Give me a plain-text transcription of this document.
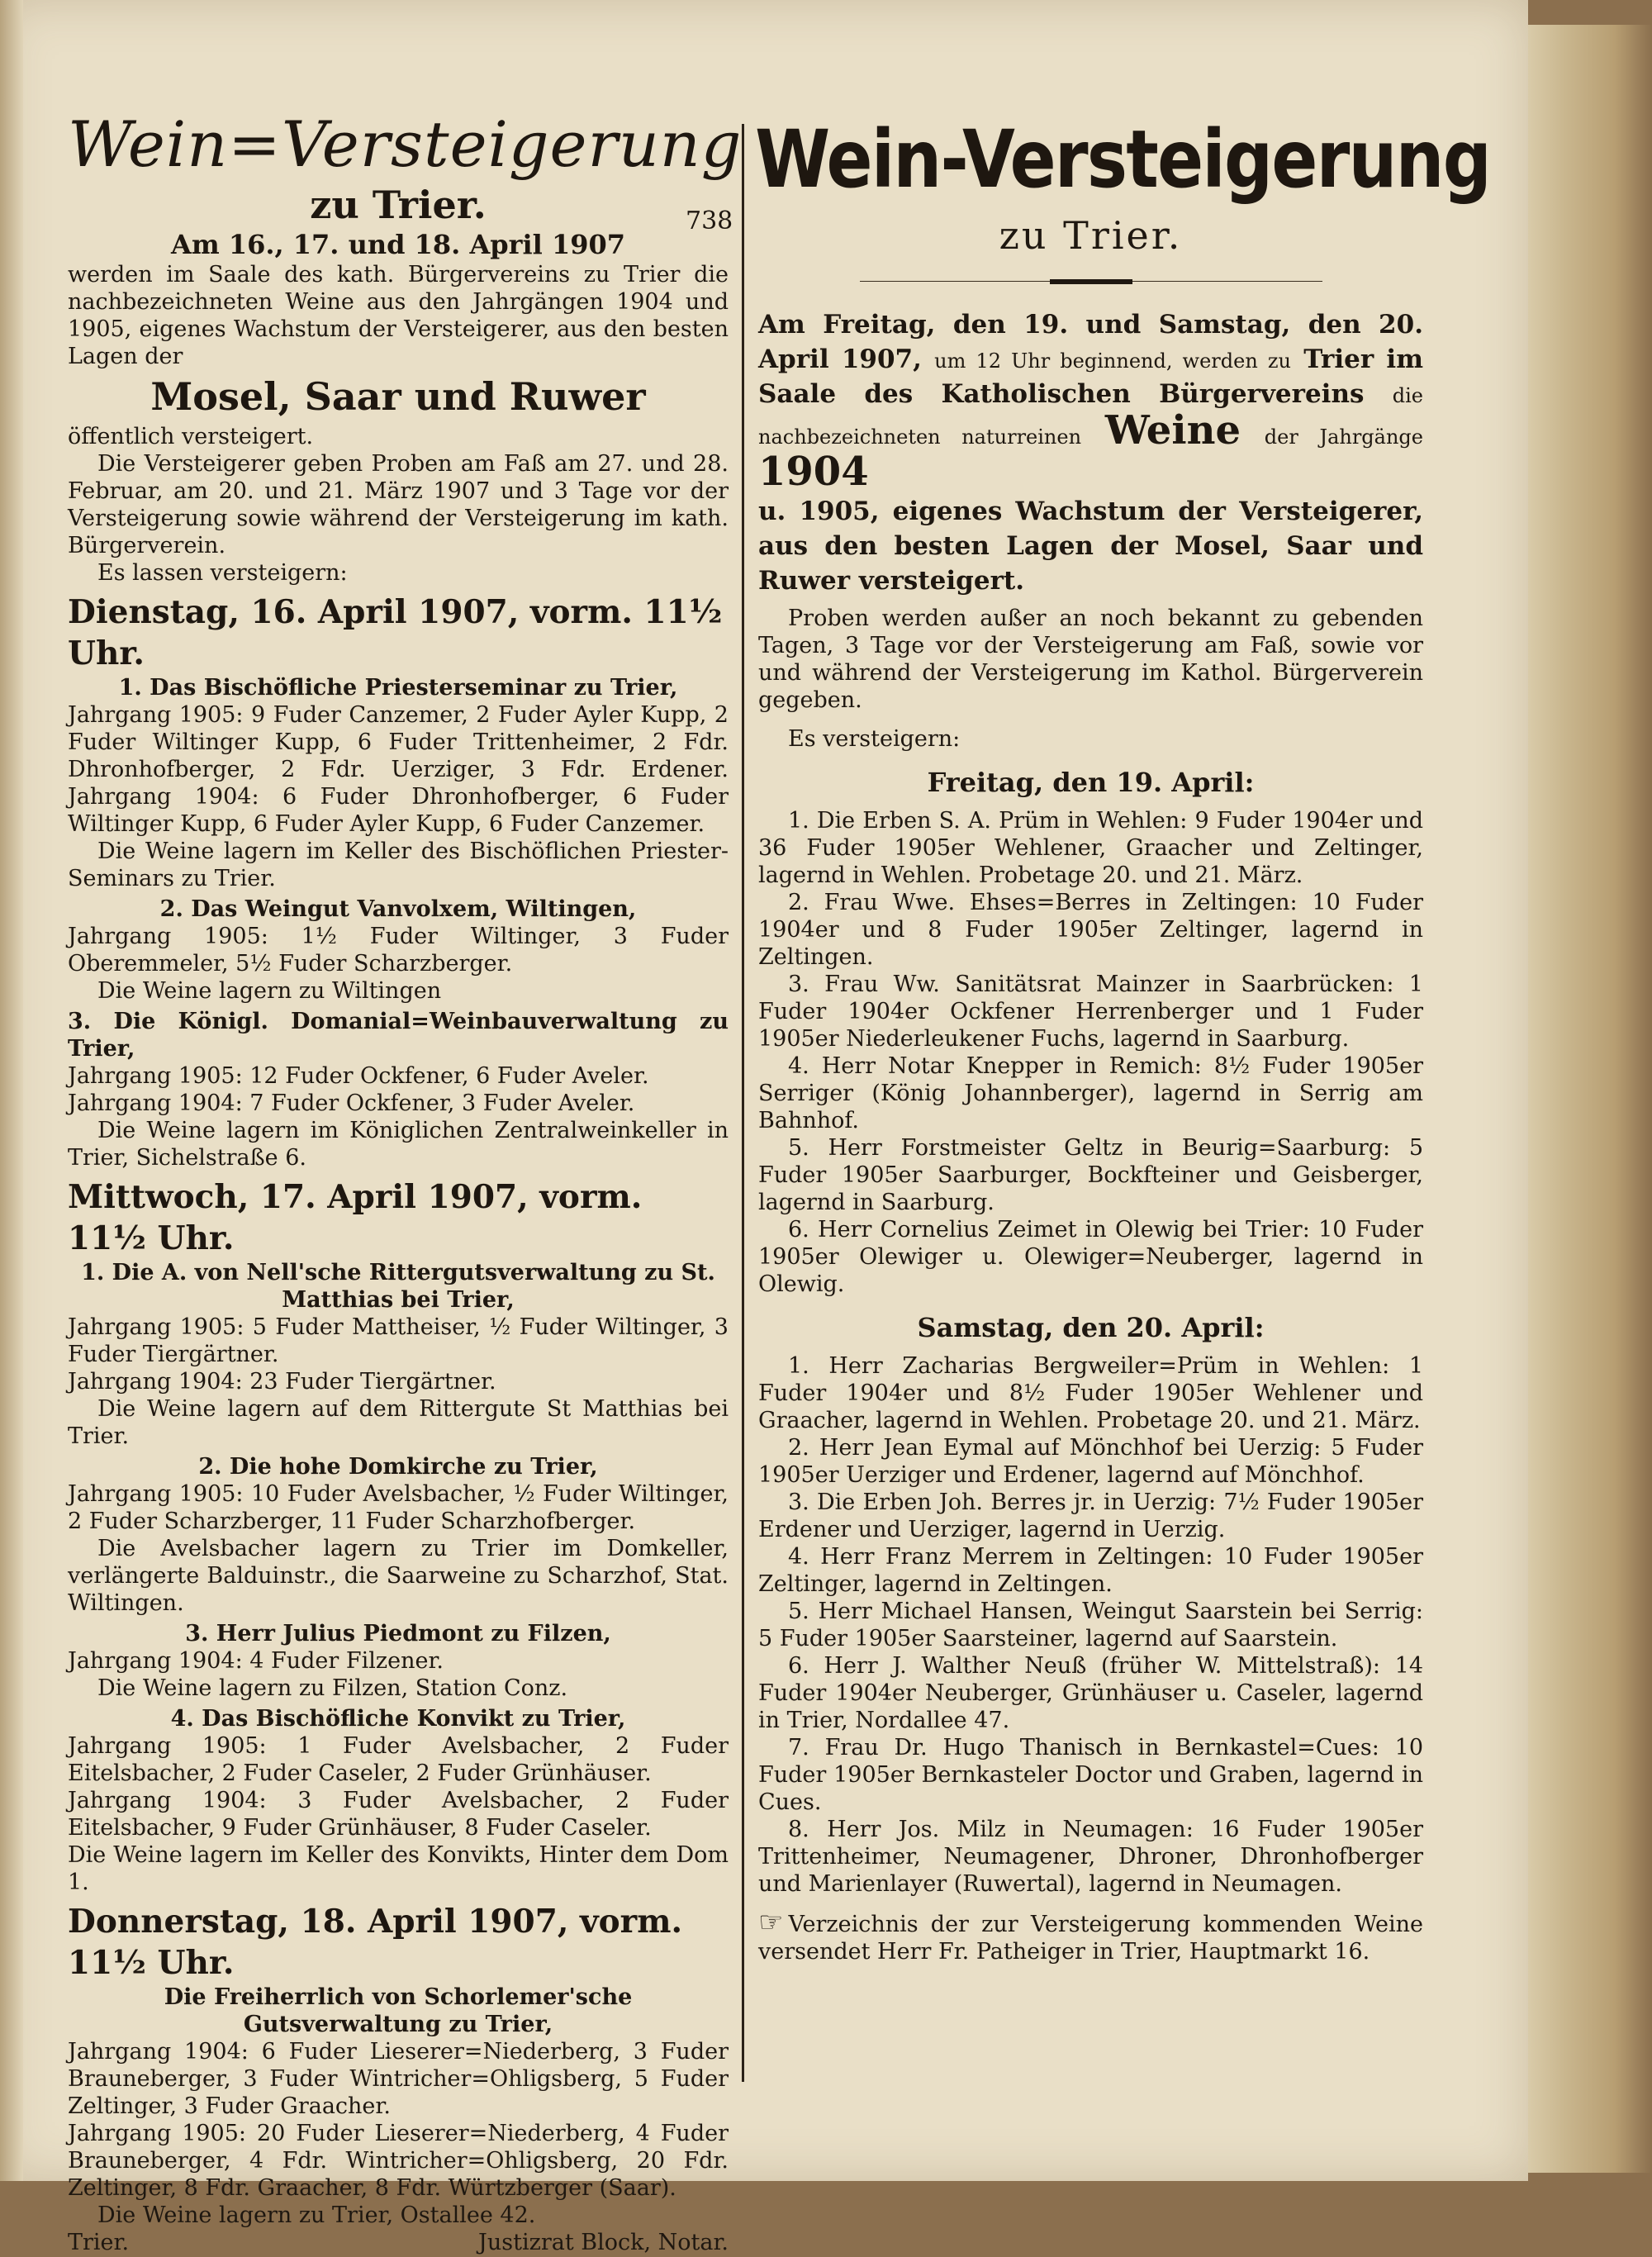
738

Wein=Versteigerung

zu Trier.

Am 16., 17. und 18. April 1907

werden im Saale des kath. Bürgervereins zu Trier die nachbezeichneten Weine aus den Jahrgängen 1904 und 1905, eigenes Wachstum der Versteigerer, aus den besten Lagen der

Mosel, Saar und Ruwer

öffentlich versteigert.

Die Versteigerer geben Proben am Faß am 27. und 28. Februar, am 20. und 21. März 1907 und 3 Tage vor der Versteigerung sowie während der Versteigerung im kath. Bürgerverein.

Es lassen versteigern:

Dienstag, 16. April 1907, vorm. 11½ Uhr.

1. Das Bischöfliche Priesterseminar zu Trier,

Jahrgang 1905: 9 Fuder Canzemer, 2 Fuder Ayler Kupp, 2 Fuder Wiltinger Kupp, 6 Fuder Trittenheimer, 2 Fdr. Dhronhofberger, 2 Fdr. Uerziger, 3 Fdr. Erdener. Jahrgang 1904: 6 Fuder Dhronhofberger, 6 Fuder Wiltinger Kupp, 6 Fuder Ayler Kupp, 6 Fuder Canzemer.

Die Weine lagern im Keller des Bischöflichen Priester-Seminars zu Trier.

2. Das Weingut Vanvolxem, Wiltingen,

Jahrgang 1905: 1½ Fuder Wiltinger, 3 Fuder Oberemmeler, 5½ Fuder Scharzberger.

Die Weine lagern zu Wiltingen

3. Die Königl. Domanial=Weinbauverwaltung zu Trier,

Jahrgang 1905: 12 Fuder Ockfener, 6 Fuder Aveler.

Jahrgang 1904: 7 Fuder Ockfener, 3 Fuder Aveler.

Die Weine lagern im Königlichen Zentralweinkeller in Trier, Sichelstraße 6.

Mittwoch, 17. April 1907, vorm. 11½ Uhr.

1. Die A. von Nell'sche Rittergutsverwaltung zu St. Matthias bei Trier,

Jahrgang 1905: 5 Fuder Mattheiser, ½ Fuder Wiltinger, 3 Fuder Tiergärtner.

Jahrgang 1904: 23 Fuder Tiergärtner.

Die Weine lagern auf dem Rittergute St Matthias bei Trier.

2. Die hohe Domkirche zu Trier,

Jahrgang 1905: 10 Fuder Avelsbacher, ½ Fuder Wiltinger, 2 Fuder Scharzberger, 11 Fuder Scharzhofberger.

Die Avelsbacher lagern zu Trier im Domkeller, verlängerte Balduinstr., die Saarweine zu Scharzhof, Stat. Wiltingen.

3. Herr Julius Piedmont zu Filzen,

Jahrgang 1904: 4 Fuder Filzener.

Die Weine lagern zu Filzen, Station Conz.

4. Das Bischöfliche Konvikt zu Trier,

Jahrgang 1905: 1 Fuder Avelsbacher, 2 Fuder Eitelsbacher, 2 Fuder Caseler, 2 Fuder Grünhäuser.

Jahrgang 1904: 3 Fuder Avelsbacher, 2 Fuder Eitelsbacher, 9 Fuder Grünhäuser, 8 Fuder Caseler.

Die Weine lagern im Keller des Konvikts, Hinter dem Dom 1.

Donnerstag, 18. April 1907, vorm. 11½ Uhr.

Die Freiherrlich von Schorlemer'sche Gutsverwaltung zu Trier,

Jahrgang 1904: 6 Fuder Lieserer=Niederberg, 3 Fuder Brauneberger, 3 Fuder Wintricher=Ohligsberg, 5 Fuder Zeltinger, 3 Fuder Graacher.

Jahrgang 1905: 20 Fuder Lieserer=Niederberg, 4 Fuder Brauneberger, 4 Fdr. Wintricher=Ohligsberg, 20 Fdr. Zeltinger, 8 Fdr. Graacher, 8 Fdr. Würtzberger (Saar).

Die Weine lagern zu Trier, Ostallee 42.

Trier.	Justizrat Block, Notar.

Wein-Versteigerung

zu Trier.

Am Freitag, den 19. und Samstag, den 20. April 1907, um 12 Uhr beginnend, werden zu Trier im Saale des Katholischen Bürgervereins die nachbezeichneten naturreinen Weine der Jahrgänge 1904

u. 1905, eigenes Wachstum der Versteigerer, aus den besten Lagen der Mosel, Saar und Ruwer versteigert.

Proben werden außer an noch bekannt zu gebenden Tagen, 3 Tage vor der Versteigerung am Faß, sowie vor und während der Versteigerung im Kathol. Bürgerverein gegeben.

Es versteigern:

Freitag, den 19. April:

1. Die Erben S. A. Prüm in Wehlen: 9 Fuder 1904er und 36 Fuder 1905er Wehlener, Graacher und Zeltinger, lagernd in Wehlen. Probetage 20. und 21. März.

2. Frau Wwe. Ehses=Berres in Zeltingen: 10 Fuder 1904er und 8 Fuder 1905er Zeltinger, lagernd in Zeltingen.

3. Frau Ww. Sanitätsrat Mainzer in Saarbrücken: 1 Fuder 1904er Ockfener Herrenberger und 1 Fuder 1905er Niederleukener Fuchs, lagernd in Saarburg.

4. Herr Notar Knepper in Remich: 8½ Fuder 1905er Serriger (König Johannberger), lagernd in Serrig am Bahnhof.

5. Herr Forstmeister Geltz in Beurig=Saarburg: 5 Fuder 1905er Saarburger, Bockfteiner und Geisberger, lagernd in Saarburg.

6. Herr Cornelius Zeimet in Olewig bei Trier: 10 Fuder 1905er Olewiger u. Olewiger=Neuberger, lagernd in Olewig.

Samstag, den 20. April:

1. Herr Zacharias Bergweiler=Prüm in Wehlen: 1 Fuder 1904er und 8½ Fuder 1905er Wehlener und Graacher, lagernd in Wehlen. Probetage 20. und 21. März.

2. Herr Jean Eymal auf Mönchhof bei Uerzig: 5 Fuder 1905er Uerziger und Erdener, lagernd auf Mönchhof.

3. Die Erben Joh. Berres jr. in Uerzig: 7½ Fuder 1905er Erdener und Uerziger, lagernd in Uerzig.

4. Herr Franz Merrem in Zeltingen: 10 Fuder 1905er Zeltinger, lagernd in Zeltingen.

5. Herr Michael Hansen, Weingut Saarstein bei Serrig: 5 Fuder 1905er Saarsteiner, lagernd auf Saarstein.

6. Herr J. Walther Neuß (früher W. Mittelstraß): 14 Fuder 1904er Neuberger, Grünhäuser u. Caseler, lagernd in Trier, Nordallee 47.

7. Frau Dr. Hugo Thanisch in Bernkastel=Cues: 10 Fuder 1905er Bernkasteler Doctor und Graben, lagernd in Cues.

8. Herr Jos. Milz in Neumagen: 16 Fuder 1905er Trittenheimer, Neumagener, Dhroner, Dhronhofberger und Marienlayer (Ruwertal), lagernd in Neumagen.

☞ Verzeichnis der zur Versteigerung kommenden Weine versendet Herr Fr. Patheiger in Trier, Hauptmarkt 16.
